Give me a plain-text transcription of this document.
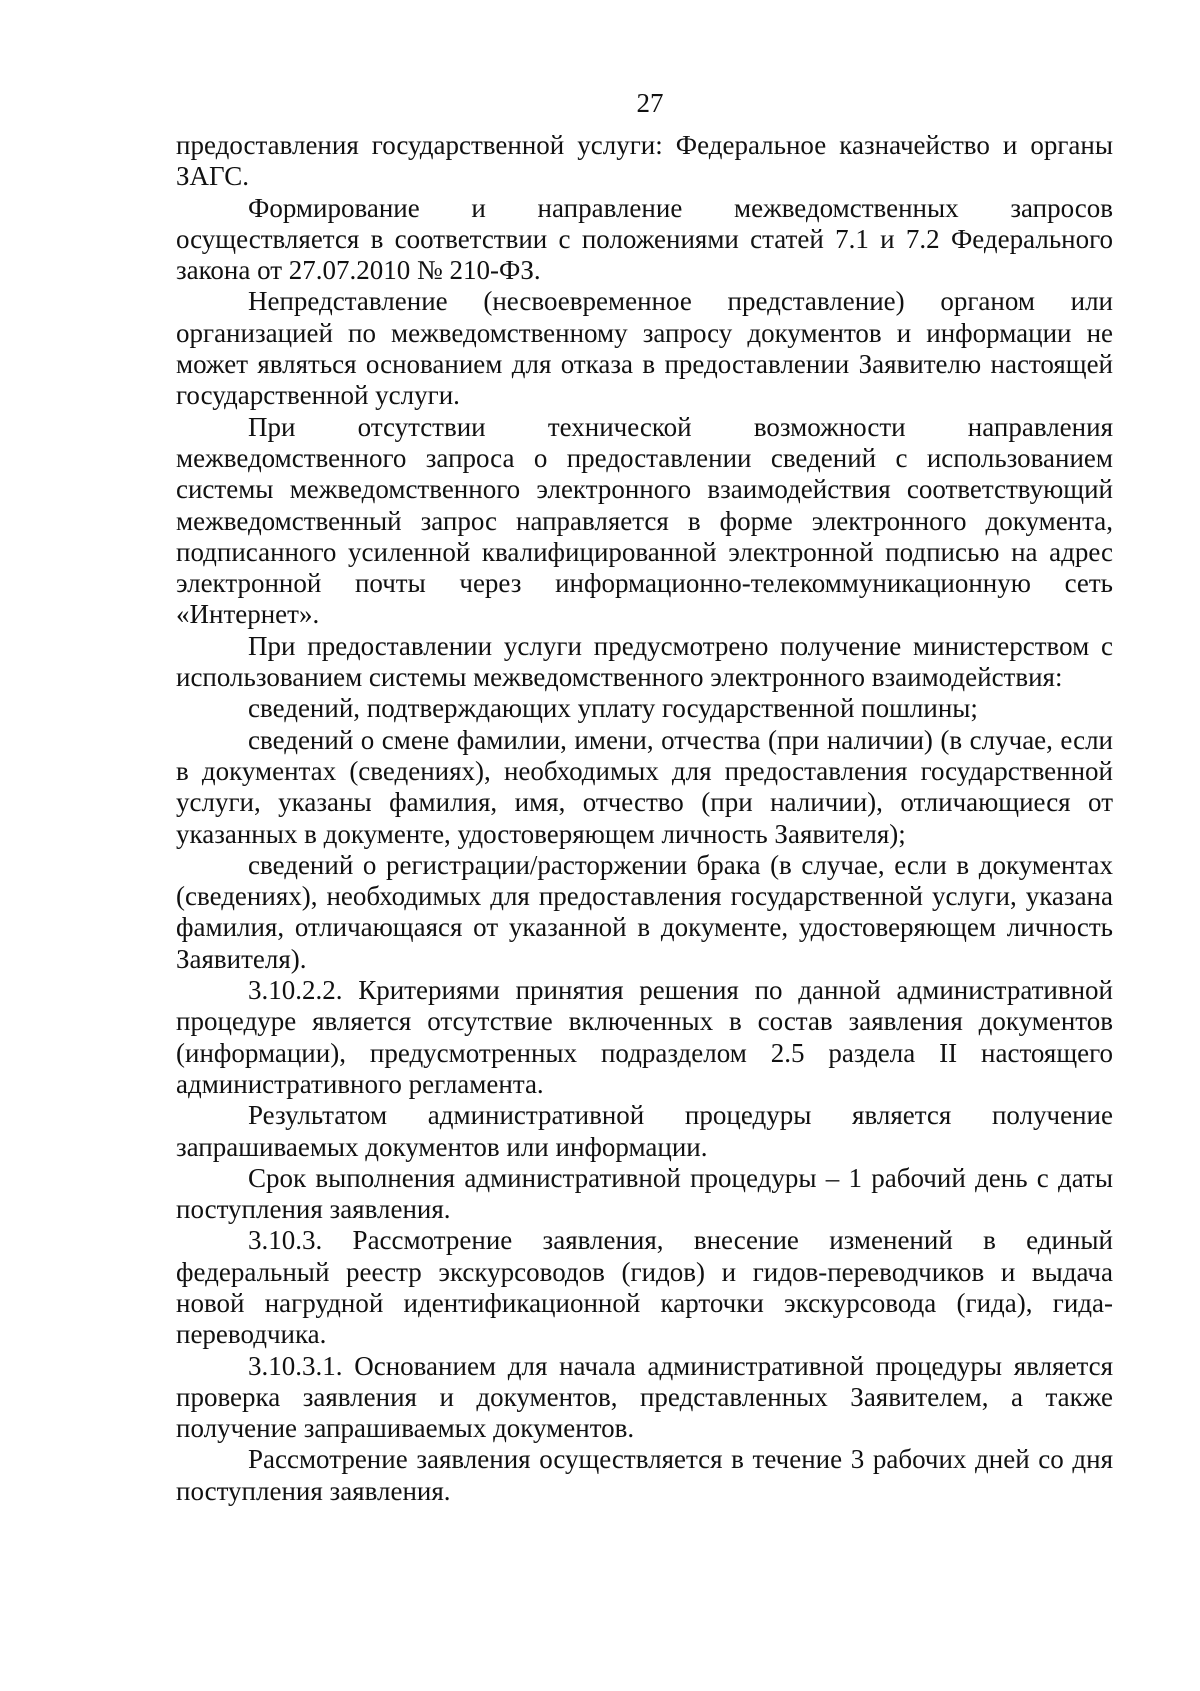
27

предоставления государственной услуги: Федеральное казначейство и органы ЗАГС.

Формирование и направление межведомственных запросов осуществляется в соответствии с положениями статей 7.1 и 7.2 Федерального закона от 27.07.2010 № 210-ФЗ.

Непредставление (несвоевременное представление) органом или организацией по межведомственному запросу документов и информации не может являться основанием для отказа в предоставлении Заявителю настоящей государственной услуги.

При отсутствии технической возможности направления межведомственного запроса о предоставлении сведений с использованием системы межведомственного электронного взаимодействия соответствующий межведомственный запрос направляется в форме электронного документа, подписанного усиленной квалифицированной электронной подписью на адрес электронной почты через информационно-телекоммуникационную сеть «Интернет».

При предоставлении услуги предусмотрено получение министерством с использованием системы межведомственного электронного взаимодействия:

сведений, подтверждающих уплату государственной пошлины;

сведений о смене фамилии, имени, отчества (при наличии) (в случае, если в документах (сведениях), необходимых для предоставления государственной услуги, указаны фамилия, имя, отчество (при наличии), отличающиеся от указанных в документе, удостоверяющем личность Заявителя);

сведений о регистрации/расторжении брака (в случае, если в документах (сведениях), необходимых для предоставления государственной услуги, указана фамилия, отличающаяся от указанной в документе, удостоверяющем личность Заявителя).

3.10.2.2. Критериями принятия решения по данной административной процедуре является отсутствие включенных в состав заявления документов (информации), предусмотренных подразделом 2.5 раздела II настоящего административного регламента.

Результатом административной процедуры является получение запрашиваемых документов или информации.

Срок выполнения административной процедуры – 1 рабочий день с даты поступления заявления.

3.10.3. Рассмотрение заявления, внесение изменений в единый федеральный реестр экскурсоводов (гидов) и гидов-переводчиков и выдача новой нагрудной идентификационной карточки экскурсовода (гида), гида-переводчика.

3.10.3.1. Основанием для начала административной процедуры является проверка заявления и документов, представленных Заявителем, а также получение запрашиваемых документов.

Рассмотрение заявления осуществляется в течение 3 рабочих дней со дня поступления заявления.
